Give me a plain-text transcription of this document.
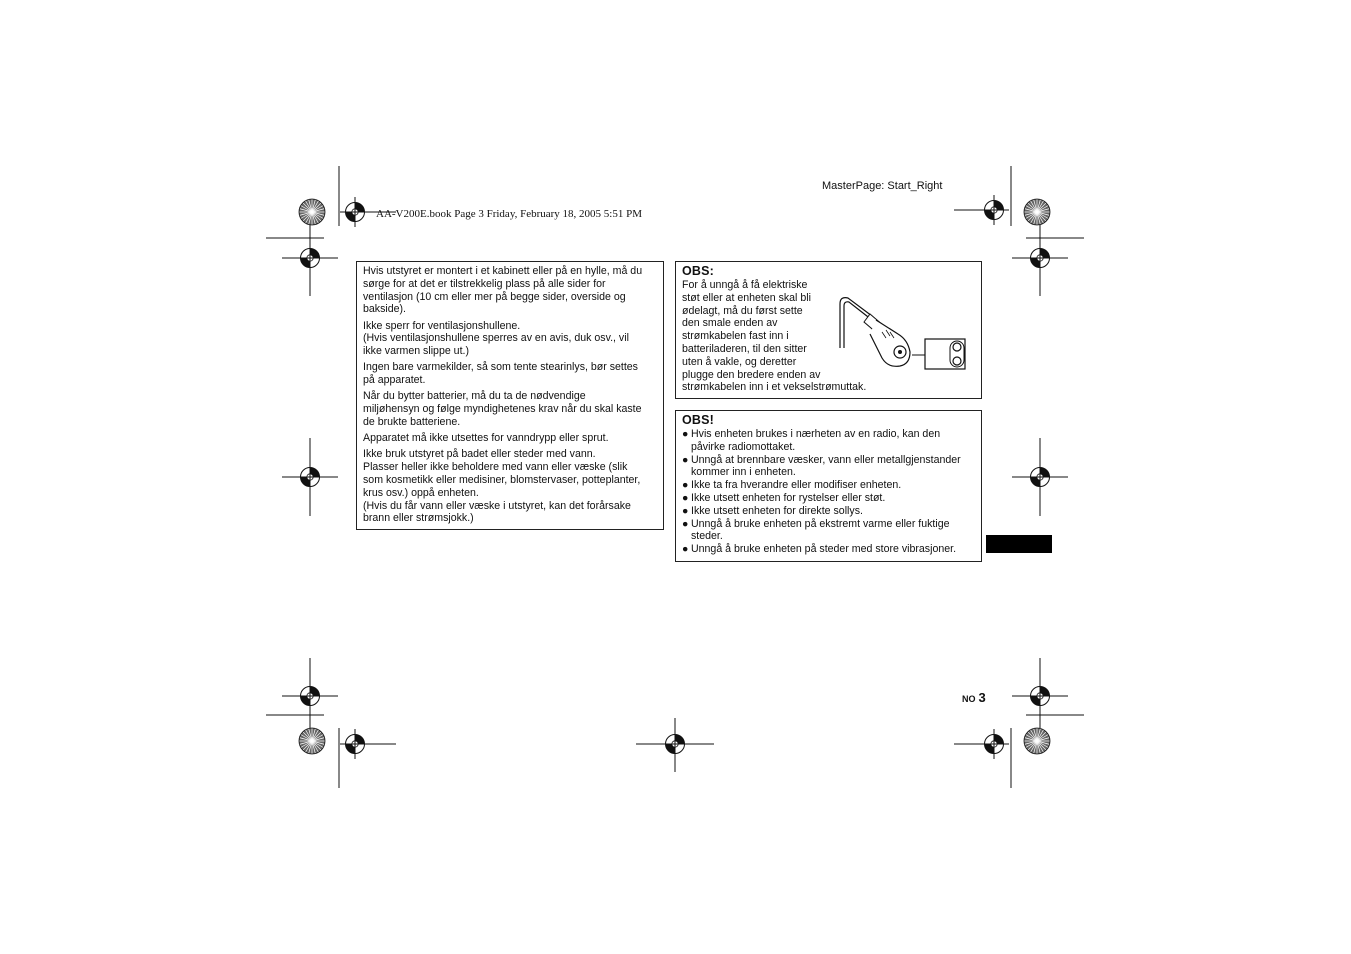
MasterPage: Start_Right
AA-V200E.book Page 3 Friday, February 18, 2005 5:51 PM

Hvis utstyret er montert i et kabinett eller på en hylle, må du
sørge for at det er tilstrekkelig plass på alle sider for
ventilasjon (10 cm eller mer på begge sider, overside og
bakside).

Ikke sperr for ventilasjonshullene.
(Hvis ventilasjonshullene sperres av en avis, duk osv., vil
ikke varmen slippe ut.)

Ingen bare varmekilder, så som tente stearinlys, bør settes
på apparatet.

Når du bytter batterier, må du ta de nødvendige
miljøhensyn og følge myndighetenes krav når du skal kaste
de brukte batteriene.

Apparatet må ikke utsettes for vanndrypp eller sprut.

Ikke bruk utstyret på badet eller steder med vann.
Plasser heller ikke beholdere med vann eller væske (slik
som kosmetikk eller medisiner, blomstervaser, potteplanter,
krus osv.) oppå enheten.
(Hvis du får vann eller væske i utstyret, kan det forårsake
brann eller strømsjokk.)

OBS:
For å unngå å få elektriske
støt eller at enheten skal bli
ødelagt, må du først sette
den smale enden av
strømkabelen fast inn i
batteriladeren, til den sitter
uten å vakle, og deretter
plugge den bredere enden av
strømkabelen inn i et vekselstrømuttak.
OBS!
● Hvis enheten brukes i nærheten av en radio, kan den
påvirke radiomottaket.
● Unngå at brennbare væsker, vann eller metallgjenstander
kommer inn i enheten.
● Ikke ta fra hverandre eller modifiser enheten.
● Ikke utsett enheten for rystelser eller støt.
● Ikke utsett enheten for direkte sollys.
● Unngå å bruke enheten på ekstremt varme eller fuktige
steder.
● Unngå å bruke enheten på steder med store vibrasjoner.
NO 3
